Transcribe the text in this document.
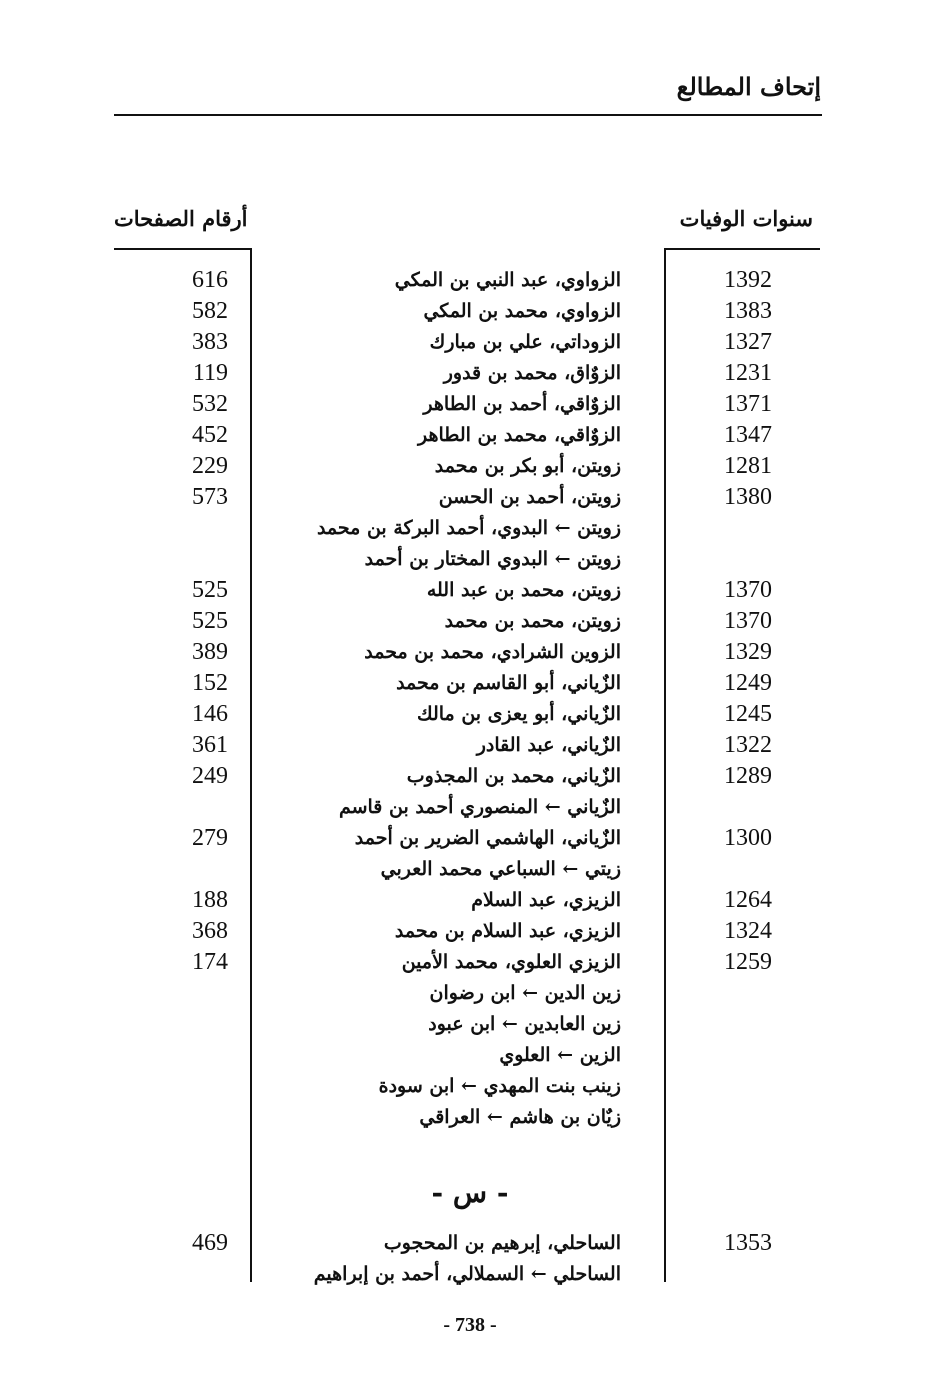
إتحاف المطالع
سنوات الوفيات
أرقام الصفحات
616	الزواوي، عبد النبي بن المكي	1392
582	الزواوي، محمد بن المكي	1383
383	الزوداتي، علي بن مبارك	1327
119	الزوٌاق، محمد بن قدور	1231
532	الزوٌاقي، أحمد بن الطاهر	1371
452	الزوٌاقي، محمد بن الطاهر	1347
229	زويتن، أبو بكر بن محمد	1281
573	زويتن، أحمد بن الحسن	1380
زويتن ← البدوي، أحمد البركة بن محمد
زويتن ← البدوي المختار بن أحمد
525	زويتن، محمد بن عبد الله	1370
525	زويتن، محمد بن محمد	1370
389	الزوين الشرادي، محمد بن محمد	1329
152	الزٌياني، أبو القاسم بن محمد	1249
146	الزٌياني، أبو يعزى بن مالك	1245
361	الزٌياني، عبد القادر	1322
249	الزٌياني، محمد بن المجذوب	1289
الزٌياني ← المنصوري أحمد بن قاسم
279	الزٌياني، الهاشمي الضرير بن أحمد	1300
زيتي ← السباعي محمد العربي
188	الزيزي، عبد السلام	1264
368	الزيزي، عبد السلام بن محمد	1324
174	الزيزي العلوي، محمد الأمين	1259
زين الدين ← ابن رضوان
زين العابدين ← ابن عبود
الزين ← العلوي
زينب بنت المهدي ← ابن سودة
زيٌان بن هاشم ← العراقي
- س -
469	الساحلي، إبرهيم بن المحجوب	1353
الساحلي ← السملالي، أحمد بن إبراهيم
- 738 -
